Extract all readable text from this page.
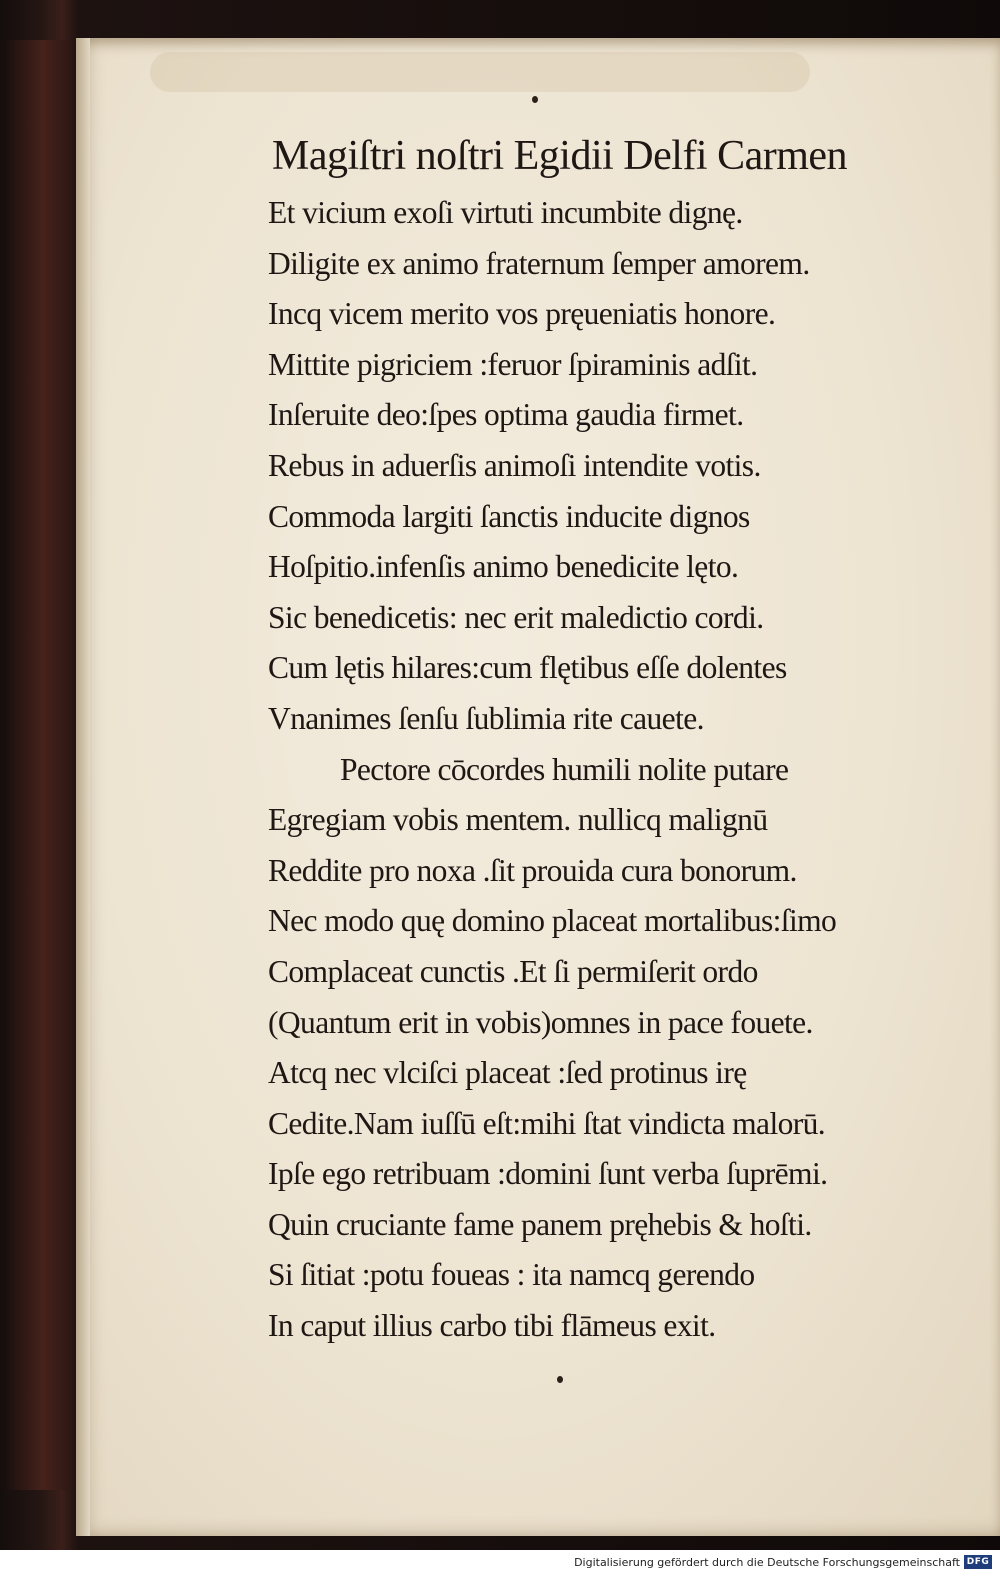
Magiſtri noſtri Egidii Delfi Carmen
Et vicium exoſi virtuti incumbite dignę.
Diligite ex animo fraternum ſemper amorem.
Incq vicem merito vos pręueniatis honore.
Mittite pigriciem :feruor ſpiraminis adſit.
Inſeruite deo:ſpes optima gaudia firmet.
Rebus in aduerſis animoſi intendite votis.
Commoda largiti ſanctis inducite dignos
Hoſpitio.infenſis animo benedicite lęto.
Sic benedicetis: nec erit maledictio cordi.
Cum lętis hilares:cum flętibus eſſe dolentes
Vnanimes ſenſu ſublimia rite cauete.
Pectore cōcordes humili nolite putare
Egregiam vobis mentem. nullicq malignū
Reddite pro noxa .ſit prouida cura bonorum.
Nec modo quę domino placeat mortalibus:ſimo
Complaceat cunctis .Et ſi permiſerit ordo
(Quantum erit in vobis)omnes in pace fouete.
Atcq nec vlciſci placeat :ſed protinus irę
Cedite.Nam iuſſū eſt:mihi ſtat vindicta malorū.
Ipſe ego retribuam :domini ſunt verba ſuprēmi.
Quin cruciante fame panem pręhebis & hoſti.
Si ſitiat :potu foueas : ita namcq gerendo
In caput illius carbo tibi flāmeus exit.
Digitalisierung gefördert durch die Deutsche Forschungsgemeinschaft DFG
